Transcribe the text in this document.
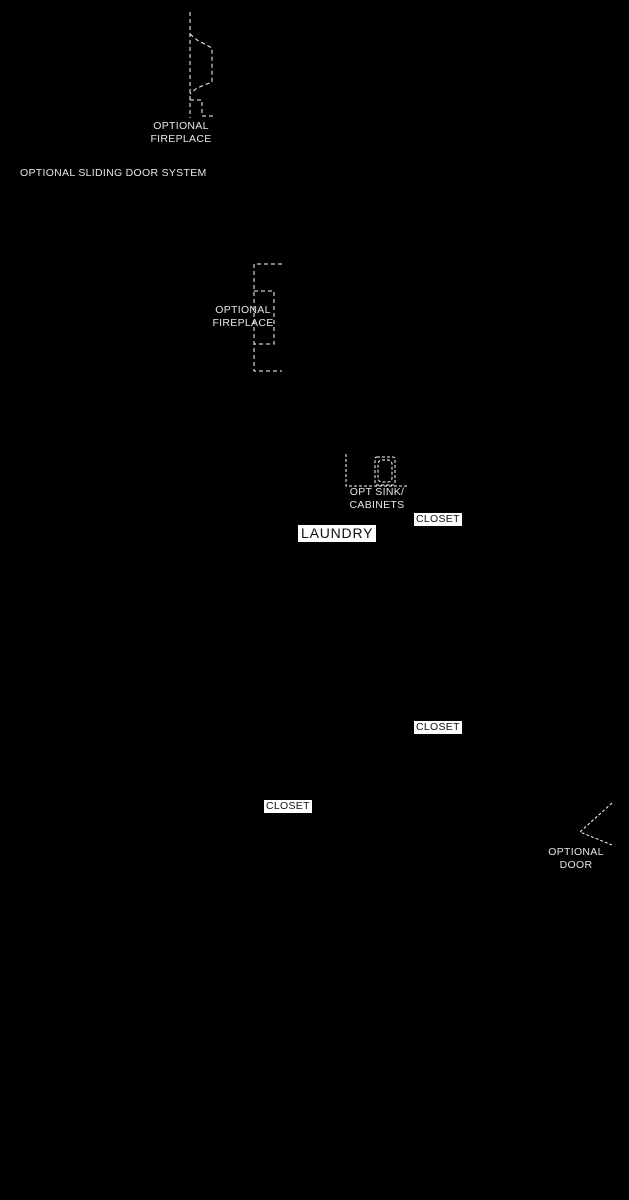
OPTIONAL
FIREPLACE
OPTIONAL SLIDING DOOR SYSTEM
OPTIONAL
FIREPLACE
OPT SINK/
CABINETS
OPTIONAL
DOOR
CLOSET
LAUNDRY
CLOSET
CLOSET
